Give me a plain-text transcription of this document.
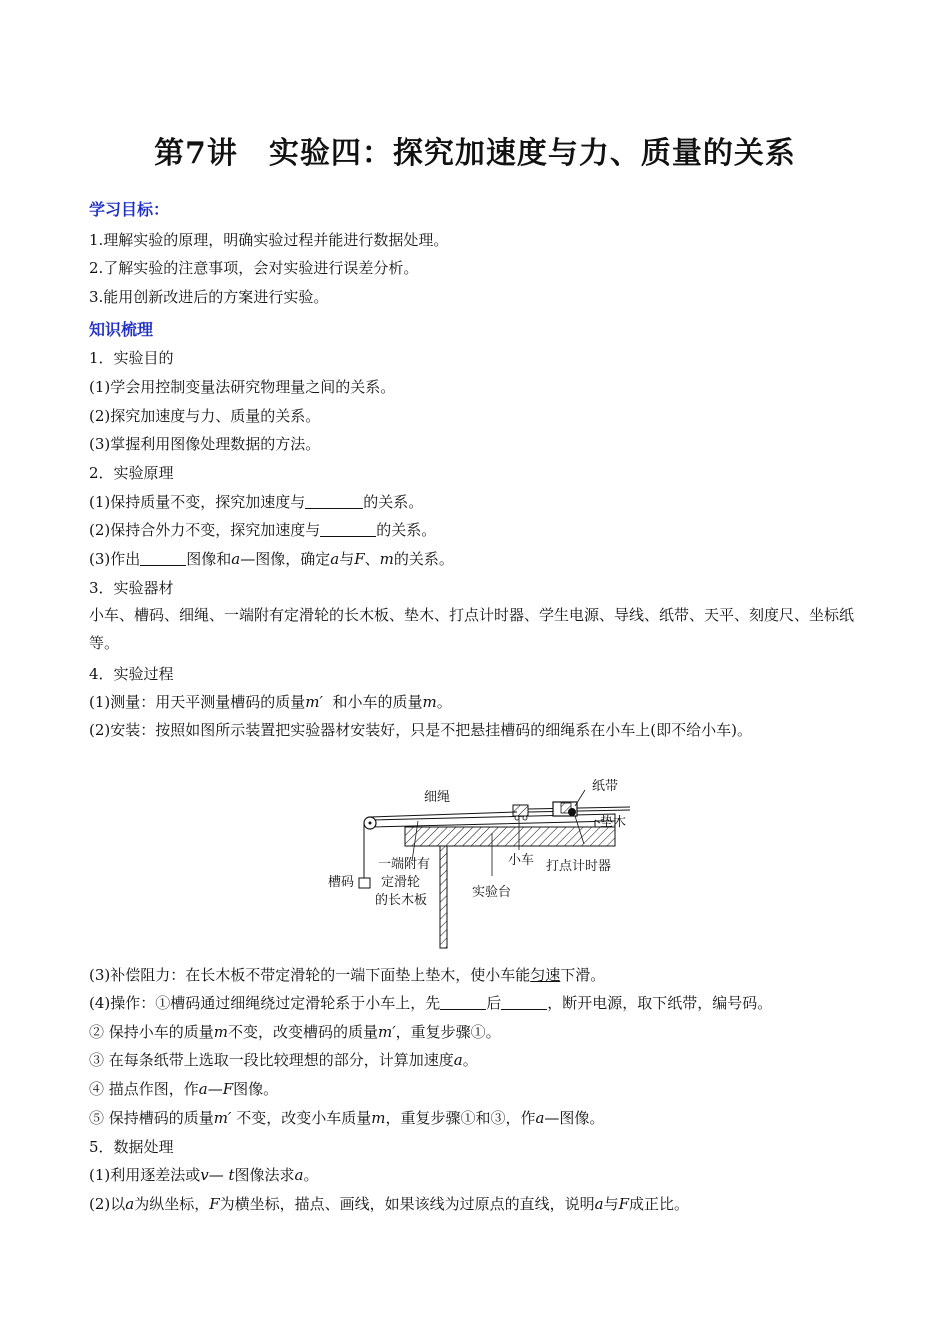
第7讲　实验四：探究加速度与力、质量的关系
学习目标：
1.理解实验的原理，明确实验过程并能进行数据处理。
2.了解实验的注意事项，会对实验进行误差分析。
3.能用创新改进后的方案进行实验。
知识梳理
1．实验目的
(1)学会用控制变量法研究物理量之间的关系。
(2)探究加速度与力、质量的关系。
(3)掌握利用图像处理数据的方法。
2．实验原理
(1)保持质量不变，探究加速度与	的关系。
(2)保持合外力不变，探究加速度与	的关系。
(3)作出	图像和a—图像，确定a与F、m的关系。
3．实验器材
小车、槽码、细绳、一端附有定滑轮的长木板、垫木、打点计时器、学生电源、导线、纸带、天平、刻度尺、坐标纸等。
4．实验过程
(1)测量：用天平测量槽码的质量m′ 和小车的质量m。
(2)安装：按照如图所示装置把实验器材安装好，只是不把悬挂槽码的细绳系在小车上(即不给小车)。
细绳
纸带
垫木
小车 打点计时器
槽码
一端附有
定滑轮
的长木板
实验台
(3)补偿阻力：在长木板不带定滑轮的一端下面垫上垫木，使小车能匀速下滑。
(4)操作：①槽码通过细绳绕过定滑轮系于小车上，先	后	，断开电源，取下纸带，编号码。
② 保持小车的质量m不变，改变槽码的质量m′，重复步骤①。
③ 在每条纸带上选取一段比较理想的部分，计算加速度a。
④ 描点作图，作a—F图像。
⑤ 保持槽码的质量m′ 不变，改变小车质量m，重复步骤①和③，作a—图像。
5．数据处理
(1)利用逐差法或v— t图像法求a。
(2)以a为纵坐标，F为横坐标，描点、画线，如果该线为过原点的直线，说明a与F成正比。
